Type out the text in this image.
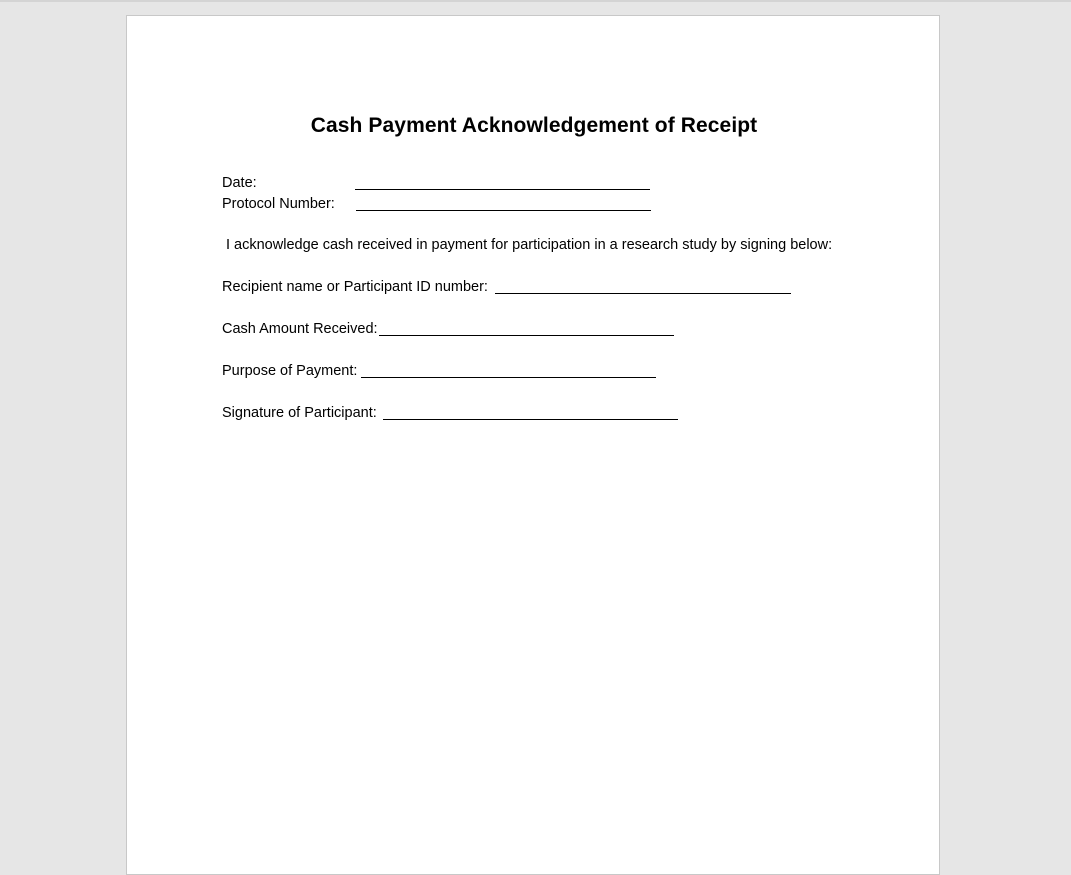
Cash Payment Acknowledgement of Receipt
Date:
Protocol Number:
I acknowledge cash received in payment for participation in a research study by signing below:
Recipient name or Participant ID number:
Cash Amount Received:
Purpose of Payment:
Signature of Participant:
